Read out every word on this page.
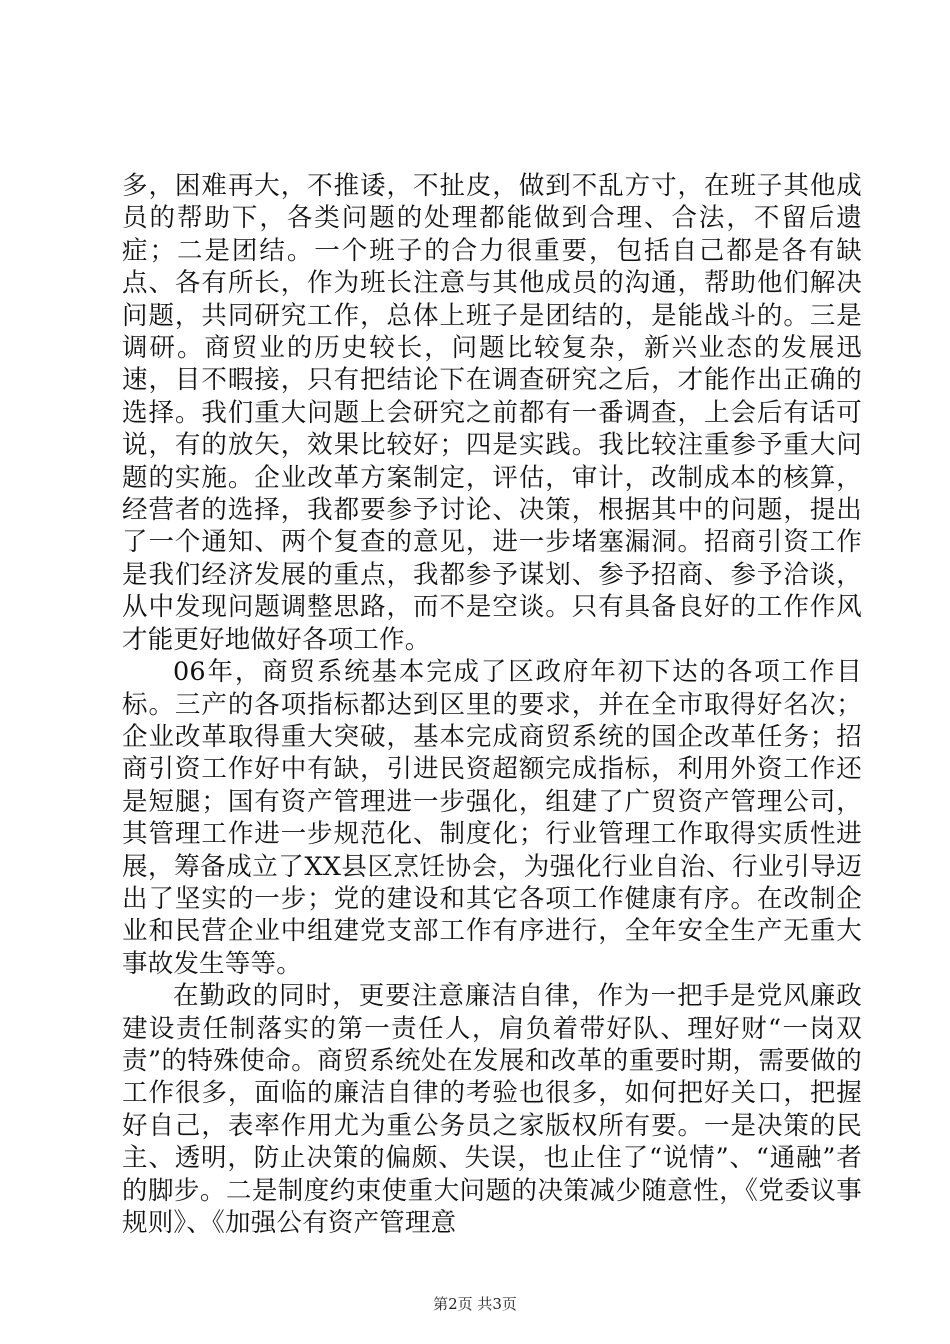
多，困难再大，不推诿，不扯皮，做到不乱方寸，在班子其他成员的帮助下，各类问题的处理都能做到合理、合法，不留后遗症；二是团结。一个班子的合力很重要，包括自己都是各有缺点、各有所长，作为班长注意与其他成员的沟通，帮助他们解决问题，共同研究工作，总体上班子是团结的，是能战斗的。三是调研。商贸业的历史较长，问题比较复杂，新兴业态的发展迅速，目不暇接，只有把结论下在调查研究之后，才能作出正确的选择。我们重大问题上会研究之前都有一番调查，上会后有话可说，有的放矢，效果比较好；四是实践。我比较注重参予重大问题的实施。企业改革方案制定，评估，审计，改制成本的核算，经营者的选择，我都要参予讨论、决策，根据其中的问题，提出了一个通知、两个复查的意见，进一步堵塞漏洞。招商引资工作是我们经济发展的重点，我都参予谋划、参予招商、参予洽谈，从中发现问题调整思路，而不是空谈。只有具备良好的工作作风才能更好地做好各项工作。

06年，商贸系统基本完成了区政府年初下达的各项工作目标。三产的各项指标都达到区里的要求，并在全市取得好名次；企业改革取得重大突破，基本完成商贸系统的国企改革任务；招商引资工作好中有缺，引进民资超额完成指标，利用外资工作还是短腿；国有资产管理进一步强化，组建了广贸资产管理公司，其管理工作进一步规范化、制度化；行业管理工作取得实质性进展，筹备成立了XX县区烹饪协会，为强化行业自治、行业引导迈出了坚实的一步；党的建设和其它各项工作健康有序。在改制企业和民营企业中组建党支部工作有序进行，全年安全生产无重大事故发生等等。

在勤政的同时，更要注意廉洁自律，作为一把手是党风廉政建设责任制落实的第一责任人，肩负着带好队、理好财“一岗双责”的特殊使命。商贸系统处在发展和改革的重要时期，需要做的工作很多，面临的廉洁自律的考验也很多，如何把好关口，把握好自己，表率作用尤为重公务员之家版权所有要。一是决策的民主、透明，防止决策的偏颇、失误，也止住了“说情”、“通融”者的脚步。二是制度约束使重大问题的决策减少随意性，《党委议事规则》、《加强公有资产管理意

第2页 共3页
